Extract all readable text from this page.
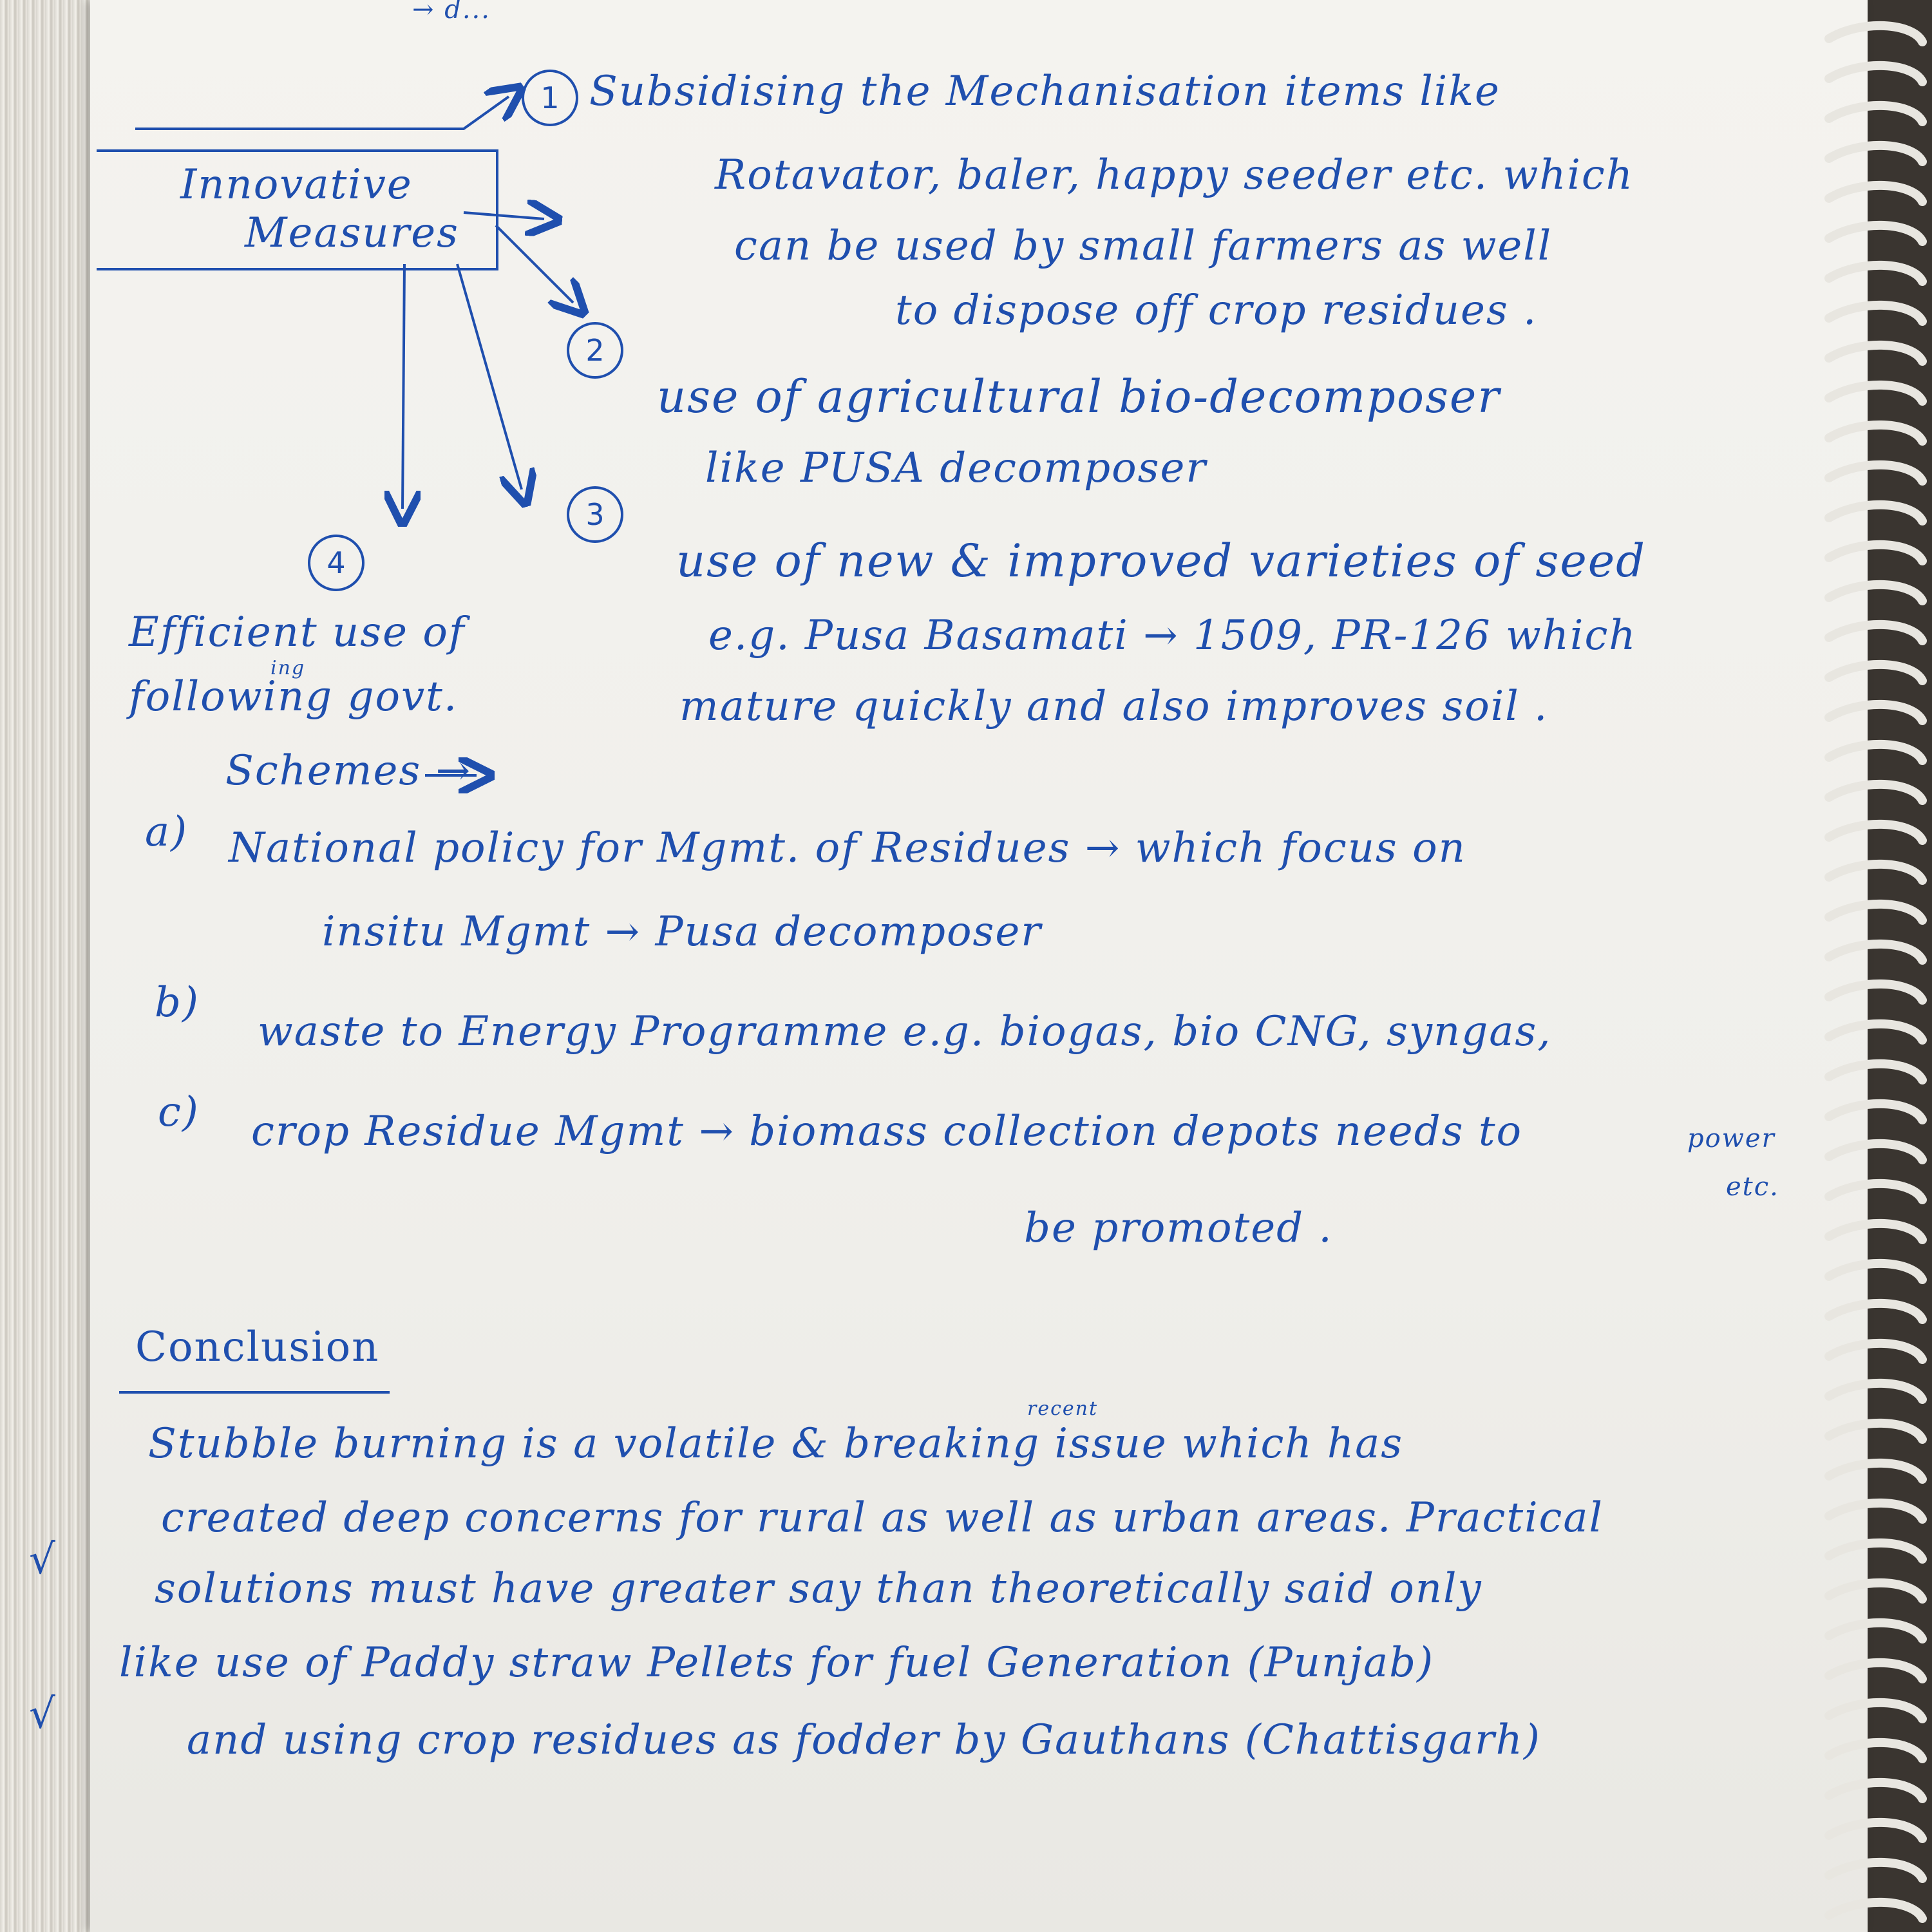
→ d...
Innovative
Measures
1 Subsidising the Mechanisation items like
Rotavator, baler, happy seeder etc. which
can be used by small farmers as well
to dispose off crop residues .
2
use of agricultural bio-decomposer
like PUSA decomposer
3
use of new & improved varieties of seed
e.g. Pusa Basamati → 1509, PR-126 which
mature quickly and also improves soil .
4
Efficient use of
ing
following govt.
Schemes →
a) National policy for Mgmt. of Residues → which focus on
insitu Mgmt → Pusa decomposer
b)
waste to Energy Programme e.g. biogas, bio CNG, syngas,
power
etc.
c) crop Residue Mgmt → biomass collection depots needs to
be promoted .
Conclusion
recent
Stubble burning is a volatile & breaking issue which has
created deep concerns for rural as well as urban areas. Practical
solutions must have greater say than theoretically said only
like use of Paddy straw Pellets for fuel Generation (Punjab)
and using crop residues as fodder by Gauthans (Chattisgarh)
√
√
